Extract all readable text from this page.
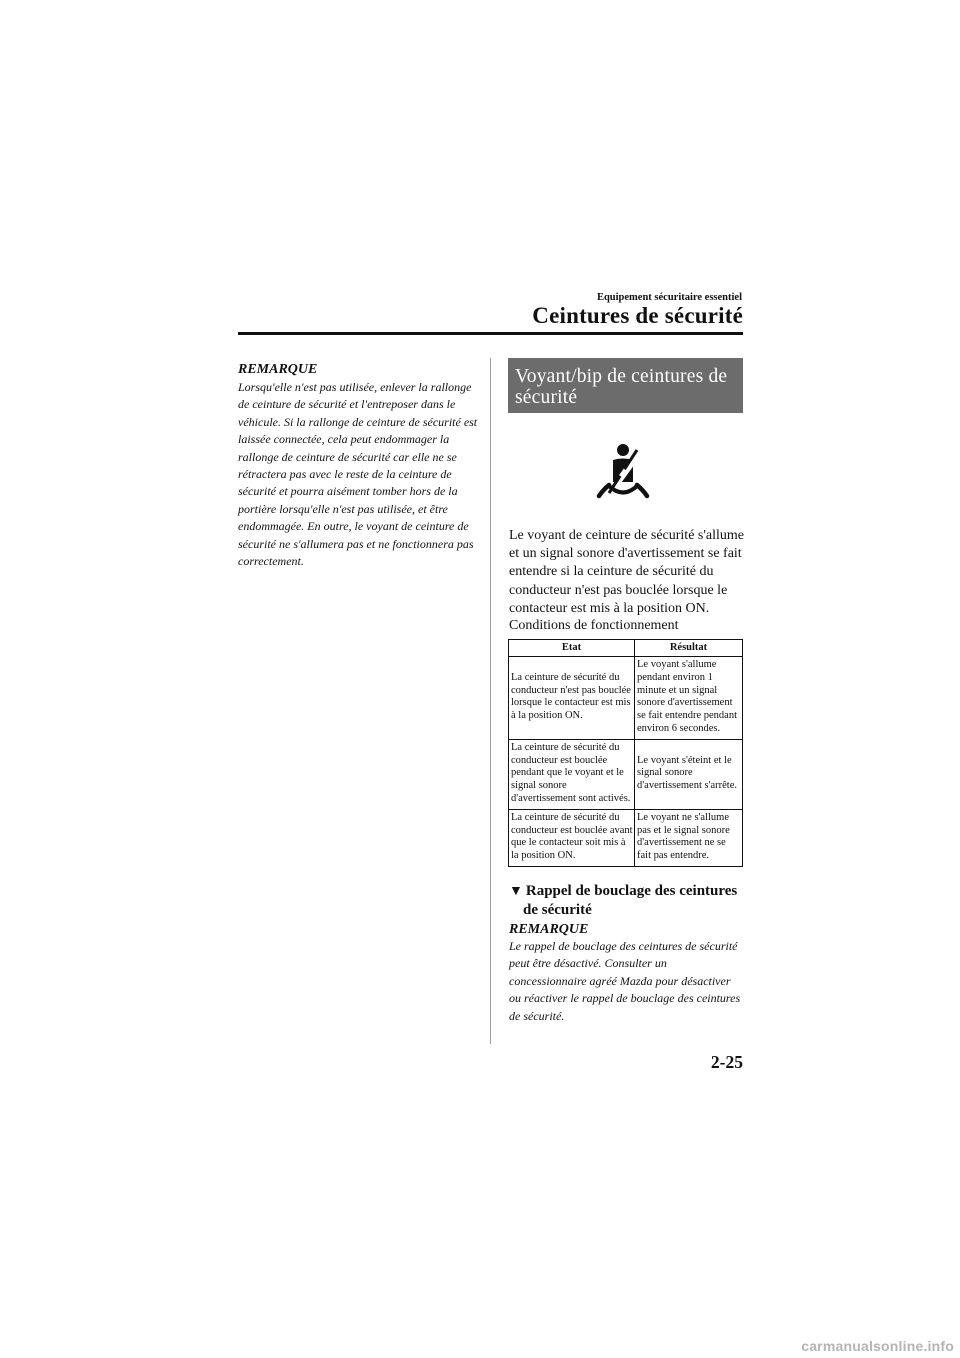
Equipement sécuritaire essentiel
Ceintures de sécurité
REMARQUE
Lorsqu'elle n'est pas utilisée, enlever la rallonge de ceinture de sécurité et l'entreposer dans le véhicule. Si la rallonge de ceinture de sécurité est laissée connectée, cela peut endommager la rallonge de ceinture de sécurité car elle ne se rétractera pas avec le reste de la ceinture de sécurité et pourra aisément tomber hors de la portière lorsqu'elle n'est pas utilisée, et être endommagée. En outre, le voyant de ceinture de sécurité ne s'allumera pas et ne fonctionnera pas correctement.
Voyant/bip de ceintures de sécurité
Le voyant de ceinture de sécurité s'allume et un signal sonore d'avertissement se fait entendre si la ceinture de sécurité du conducteur n'est pas bouclée lorsque le contacteur est mis à la position ON.
Conditions de fonctionnement
Etat	Résultat
La ceinture de sécurité du conducteur n'est pas bouclée lorsque le contacteur est mis à la position ON.	Le voyant s'allume pendant environ 1 minute et un signal sonore d'avertissement se fait entendre pendant environ 6 secondes.
La ceinture de sécurité du conducteur est bouclée pendant que le voyant et le signal sonore d'avertissement sont activés.	Le voyant s'éteint et le signal sonore d'avertissement s'arrête.
La ceinture de sécurité du conducteur est bouclée avant que le contacteur soit mis à la position ON.	Le voyant ne s'allume pas et le signal sonore d'avertissement ne se fait pas entendre.
▼ Rappel de bouclage des ceintures
de sécurité
REMARQUE
Le rappel de bouclage des ceintures de sécurité peut être désactivé. Consulter un concessionnaire agréé Mazda pour désactiver ou réactiver le rappel de bouclage des ceintures de sécurité.
2-25
carmanualsonline.info
